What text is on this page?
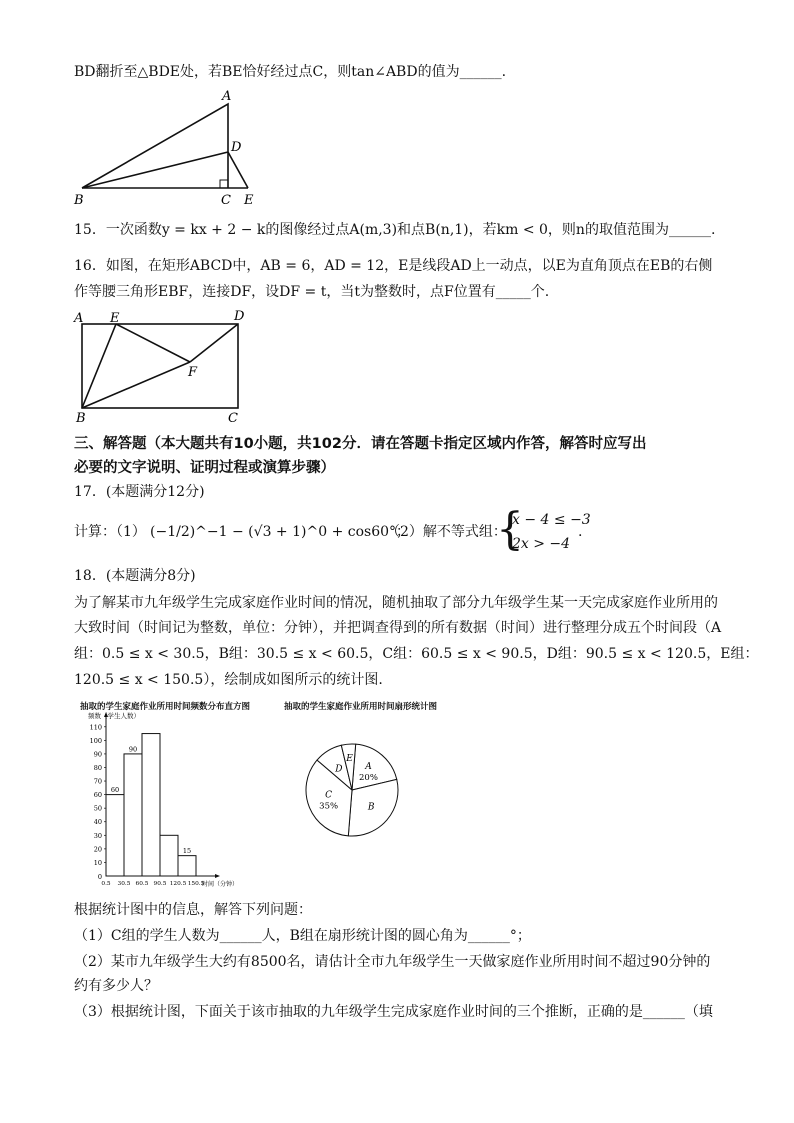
BD翻折至△BDE处，若BE恰好经过点C，则tan∠ABD的值为______.
A
D
B	C E
15．一次函数y = kx + 2 − k的图像经过点A(m,3)和点B(n,1)，若km < 0，则n的取值范围为______.
16．如图，在矩形ABCD中，AB = 6，AD = 12，E是线段AD上一动点，以E为直角顶点在EB的右侧
作等腰三角形EBF，连接DF，设DF = t，当t为整数时，点F位置有_____个.
A E	D
F
B	C
三、解答题（本大题共有10小题，共102分．请在答题卡指定区域内作答，解答时应写出
必要的文字说明、证明过程或演算步骤）
17．(本题满分12分)
计算：（1） (−1/2)^−1 − (√3 + 1)^0 + cos60°；
（2）解不等式组：
{
x − 4 ≤ −3
2x > −4
.
18．(本题满分8分)
为了解某市九年级学生完成家庭作业时间的情况，随机抽取了部分九年级学生某一天完成家庭作业所用的
大致时间（时间记为整数，单位：分钟），并把调查得到的所有数据（时间）进行整理分成五个时间段（A
组：0.5 ≤ x < 30.5，B组：30.5 ≤ x < 60.5，C组：60.5 ≤ x < 90.5，D组：90.5 ≤ x < 120.5，E组：
120.5 ≤ x < 150.5），绘制成如图所示的统计图.
抽取的学生家庭作业所用时间频数分布直方图	抽取的学生家庭作业所用时间扇形统计图
10
20
30
40
50
60
70
80
90
100
110
0
60
90
15
0.5 30.5 60.5 90.5 120.5 150.5
频数（学生人数）
时间（分钟）
A
20%
B
C
35%
D
E
根据统计图中的信息，解答下列问题：
（1）C组的学生人数为______人，B组在扇形统计图的圆心角为______°；
（2）某市九年级学生大约有8500名，请估计全市九年级学生一天做家庭作业所用时间不超过90分钟的
约有多少人？
（3）根据统计图，下面关于该市抽取的九年级学生完成家庭作业时间的三个推断，正确的是______（填
